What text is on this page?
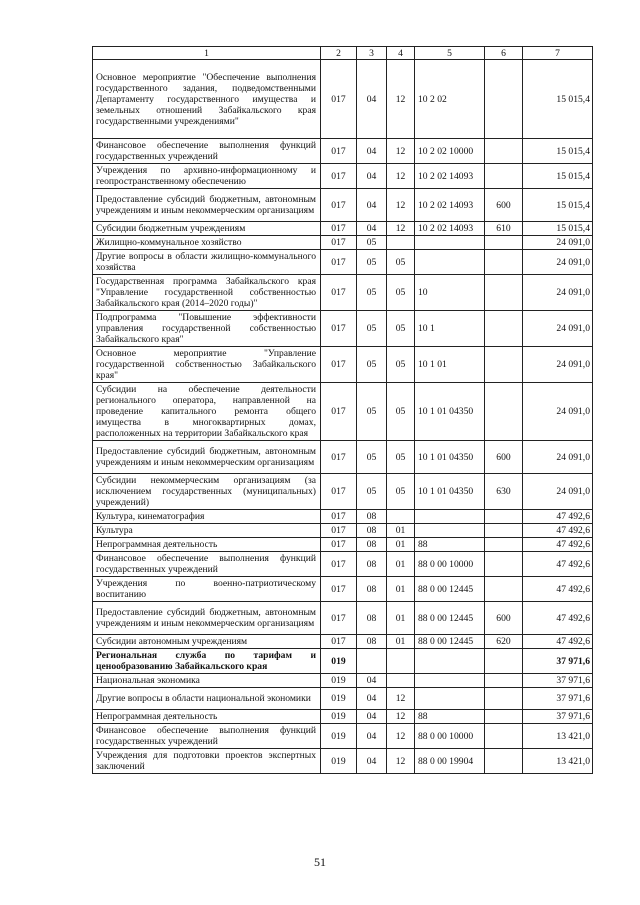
1	2	3	4	5	6	7
Основное мероприятие "Обеспечение выполнения государственного задания, подведомственными Департаменту государственного имущества и земельных отношений Забайкальского края государственными учреждениями"	017	04	12	10 2 02		15 015,4
Финансовое обеспечение выполнения функций государственных учреждений	017	04	12	10 2 02 10000		15 015,4
Учреждения по архивно-информационному и геопространственному обеспечению	017	04	12	10 2 02 14093		15 015,4
Предоставление субсидий бюджетным, автономным учреждениям и иным некоммерческим организациям	017	04	12	10 2 02 14093	600	15 015,4
Субсидии бюджетным учреждениям	017	04	12	10 2 02 14093	610	15 015,4
Жилищно-коммунальное хозяйство	017	05				24 091,0
Другие вопросы в области жилищно-коммунального хозяйства	017	05	05			24 091,0
Государственная программа Забайкальского края "Управление государственной собственностью Забайкальского края (2014–2020 годы)"	017	05	05	10		24 091,0
Подпрограмма "Повышение эффективности управления государственной собственностью Забайкальского края"	017	05	05	10 1		24 091,0
Основное мероприятие "Управление государственной собственностью Забайкальского края"	017	05	05	10 1 01		24 091,0
Субсидии на обеспечение деятельности регионального оператора, направленной на проведение капитального ремонта общего имущества в многоквартирных домах, расположенных на территории Забайкальского края	017	05	05	10 1 01 04350		24 091,0
Предоставление субсидий бюджетным, автономным учреждениям и иным некоммерческим организациям	017	05	05	10 1 01 04350	600	24 091,0
Субсидии некоммерческим организациям (за исключением государственных (муниципальных) учреждений)	017	05	05	10 1 01 04350	630	24 091,0
Культура, кинематография	017	08				47 492,6
Культура	017	08	01			47 492,6
Непрограммная деятельность	017	08	01	88		47 492,6
Финансовое обеспечение выполнения функций государственных учреждений	017	08	01	88 0 00 10000		47 492,6
Учреждения по военно-патриотическому воспитанию	017	08	01	88 0 00 12445		47 492,6
Предоставление субсидий бюджетным, автономным учреждениям и иным некоммерческим организациям	017	08	01	88 0 00 12445	600	47 492,6
Субсидии автономным учреждениям	017	08	01	88 0 00 12445	620	47 492,6
Региональная служба по тарифам и ценообразованию Забайкальского края	019					37 971,6
Национальная экономика	019	04				37 971,6
Другие вопросы в области национальной экономики	019	04	12			37 971,6
Непрограммная деятельность	019	04	12	88		37 971,6
Финансовое обеспечение выполнения функций государственных учреждений	019	04	12	88 0 00 10000		13 421,0
Учреждения для подготовки проектов экспертных заключений	019	04	12	88 0 00 19904		13 421,0
51
